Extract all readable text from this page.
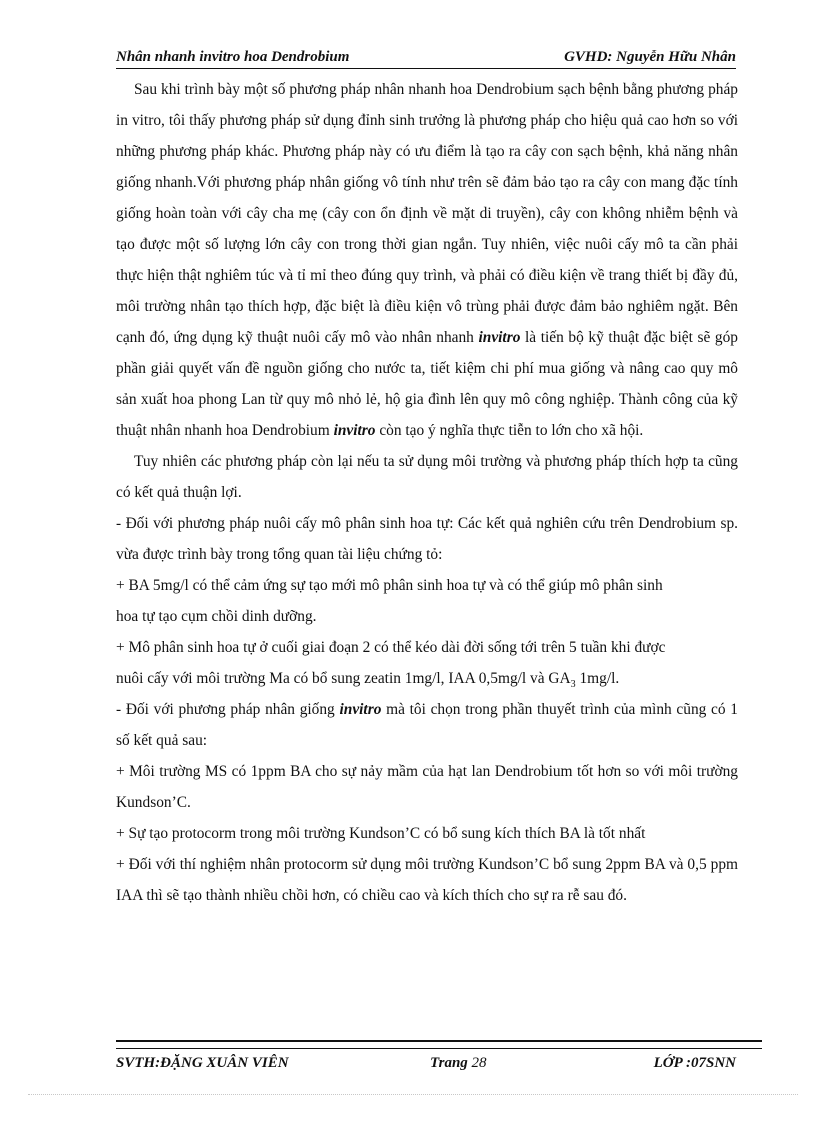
Nhân nhanh invitro hoa Dendrobium	GVHD: Nguyễn Hữu Nhân

Sau khi trình bày một số phương pháp nhân nhanh hoa Dendrobium sạch bệnh bằng phương pháp in vitro, tôi thấy phương pháp sử dụng đỉnh sinh trưởng là phương pháp cho hiệu quả cao hơn so với những phương pháp khác. Phương pháp này có ưu điểm là tạo ra cây con sạch bệnh, khả năng nhân giống nhanh.Với phương pháp nhân giống vô tính như trên sẽ đảm bảo tạo ra cây con mang đặc tính giống hoàn toàn với cây cha mẹ (cây con ổn định về mặt di truyền), cây con không nhiễm bệnh và tạo được một số lượng lớn cây con trong thời gian ngắn. Tuy nhiên, việc nuôi cấy mô ta cần phải thực hiện thật nghiêm túc và tỉ mỉ theo đúng quy trình, và phải có điều kiện về trang thiết bị đầy đủ, môi trường nhân tạo thích hợp, đặc biệt là điều kiện vô trùng phải được đảm bảo nghiêm ngặt. Bên cạnh đó, ứng dụng kỹ thuật nuôi cấy mô vào nhân nhanh invitro là tiến bộ kỹ thuật đặc biệt sẽ góp phần giải quyết vấn đề nguồn giống cho nước ta, tiết kiệm chi phí mua giống và nâng cao quy mô sản xuất hoa phong Lan từ quy mô nhỏ lẻ, hộ gia đình lên quy mô công nghiệp. Thành công của kỹ thuật nhân nhanh hoa Dendrobium invitro còn tạo ý nghĩa thực tiễn to lớn cho xã hội.

Tuy nhiên các phương pháp còn lại nếu ta sử dụng môi trường và phương pháp thích hợp ta cũng có kết quả thuận lợi.

- Đối với phương pháp nuôi cấy mô phân sinh hoa tự: Các kết quả nghiên cứu trên Dendrobium sp. vừa được trình bày trong tổng quan tài liệu chứng tỏ:

+ BA 5mg/l có thể cảm ứng sự tạo mới mô phân sinh hoa tự và có thể giúp mô phân sinh

hoa tự tạo cụm chồi dinh dưỡng.

+ Mô phân sinh hoa tự ở cuối giai đoạn 2 có thể kéo dài đời sống tới trên 5 tuần khi được

nuôi cấy với môi trường Ma có bổ sung zeatin 1mg/l, IAA 0,5mg/l và $GA_3$ 1mg/l.

- Đối với phương pháp nhân giống invitro mà tôi chọn trong phần thuyết trình của mình cũng có 1 số kết quả sau:

+ Môi trường MS có 1ppm BA cho sự nảy mầm của hạt lan Dendrobium tốt hơn so với môi trường Kundson’C.

+ Sự tạo protocorm trong môi trường Kundson’C có bổ sung kích thích BA là tốt nhất

+ Đối với thí nghiệm nhân protocorm sử dụng môi trường Kundson’C bổ sung 2ppm BA và 0,5 ppm IAA thì sẽ tạo thành nhiều chồi hơn, có chiều cao và kích thích cho sự ra rễ sau đó.

SVTH:ĐẶNG XUÂN VIÊN	Trang 28	LỚP :07SNN
